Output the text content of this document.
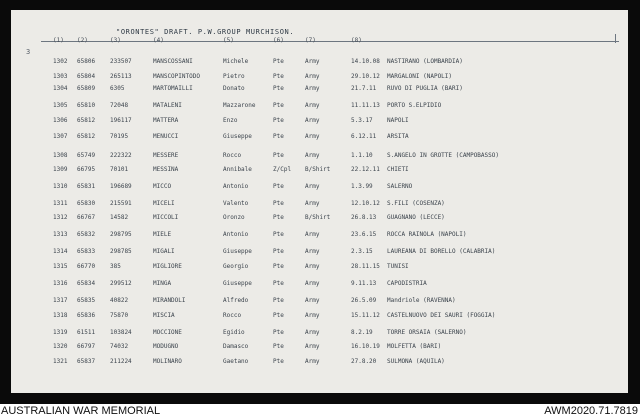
"ORONTES" DRAFT. P.W.GROUP MURCHISON.
3
(1) (2)	(3)	(4)	(5)	(6)	(7)	(8)
1302 65806 233507	MANSCOSSANI	Michele	Pte	Army	14.10.08 NASTIRANO (LOMBARDIA)
1303 65804 265113	MANSCOPINTODO	Pietro	Pte	Army	29.10.12 MARGALONI (NAPOLI)
1304 65809 6305	MARTOMAILLI	Donato	Pte	Army	21.7.11 RUVO DI PUGLIA (BARI)
1305 65810 72048	MATALENI	Mazzarone	Pte	Army	11.11.13 PORTO S.ELPIDIO
1306 65812 196117	MATTERA	Enzo	Pte	Army	5.3.17 NAPOLI
1307 65812 70195	MENUCCI	Giuseppe	Pte	Army	6.12.11 ARSITA
1308 65749 222322	MESSERE	Rocco	Pte	Army	1.1.10 S.ANGELO IN GROTTE (CAMPOBASSO)
1309 66795 70101	MESSINA	Annibale	Z/Cpl B/Shirt	22.12.11 CHIETI
1310 65831 196689	MICCO	Antonio	Pte	Army	1.3.99 SALERNO
1311 65830 215591	MICELI	Valento	Pte	Army	12.10.12 S.FILI (COSENZA)
1312 66767 14582	MICCOLI	Oronzo	Pte	B/Shirt	26.8.13 GUAGNANO (LECCE)
1313 65832 298795	MIELE	Antonio	Pte	Army	23.6.15 ROCCA RAINOLA (NAPOLI)
1314 65833 298785	MIGALI	Giuseppe	Pte	Army	2.3.15 LAUREANA DI BORELLO (CALABRIA)
1315 66770 385	MIGLIORE	Georgio	Pte	Army	28.11.15 TUNISI
1316 65834 299512	MINGA	Giuseppe	Pte	Army	9.11.13 CAPODISTRIA
1317 65835 40822	MIRANDOLI	Alfredo	Pte	Army	26.5.09 Mandriole (RAVENNA)
1318 65836 75870	MISCIA	Rocco	Pte	Army	15.11.12 CASTELNUOVO DEI SAURI (FOGGIA)
1319 61511 103824	MOCCIONE	Egidio	Pte	Army	8.2.19 TORRE ORSAIA (SALERNO)
1320 66797 74032	MODUGNO	Damasco	Pte	Army	16.10.19 MOLFETTA (BARI)
1321 65837 211224	MOLINARO	Gaetano	Pte	Army	27.8.20 SULMONA (AQUILA)
AUSTRALIAN WAR MEMORIAL	AWM2020.71.7819
